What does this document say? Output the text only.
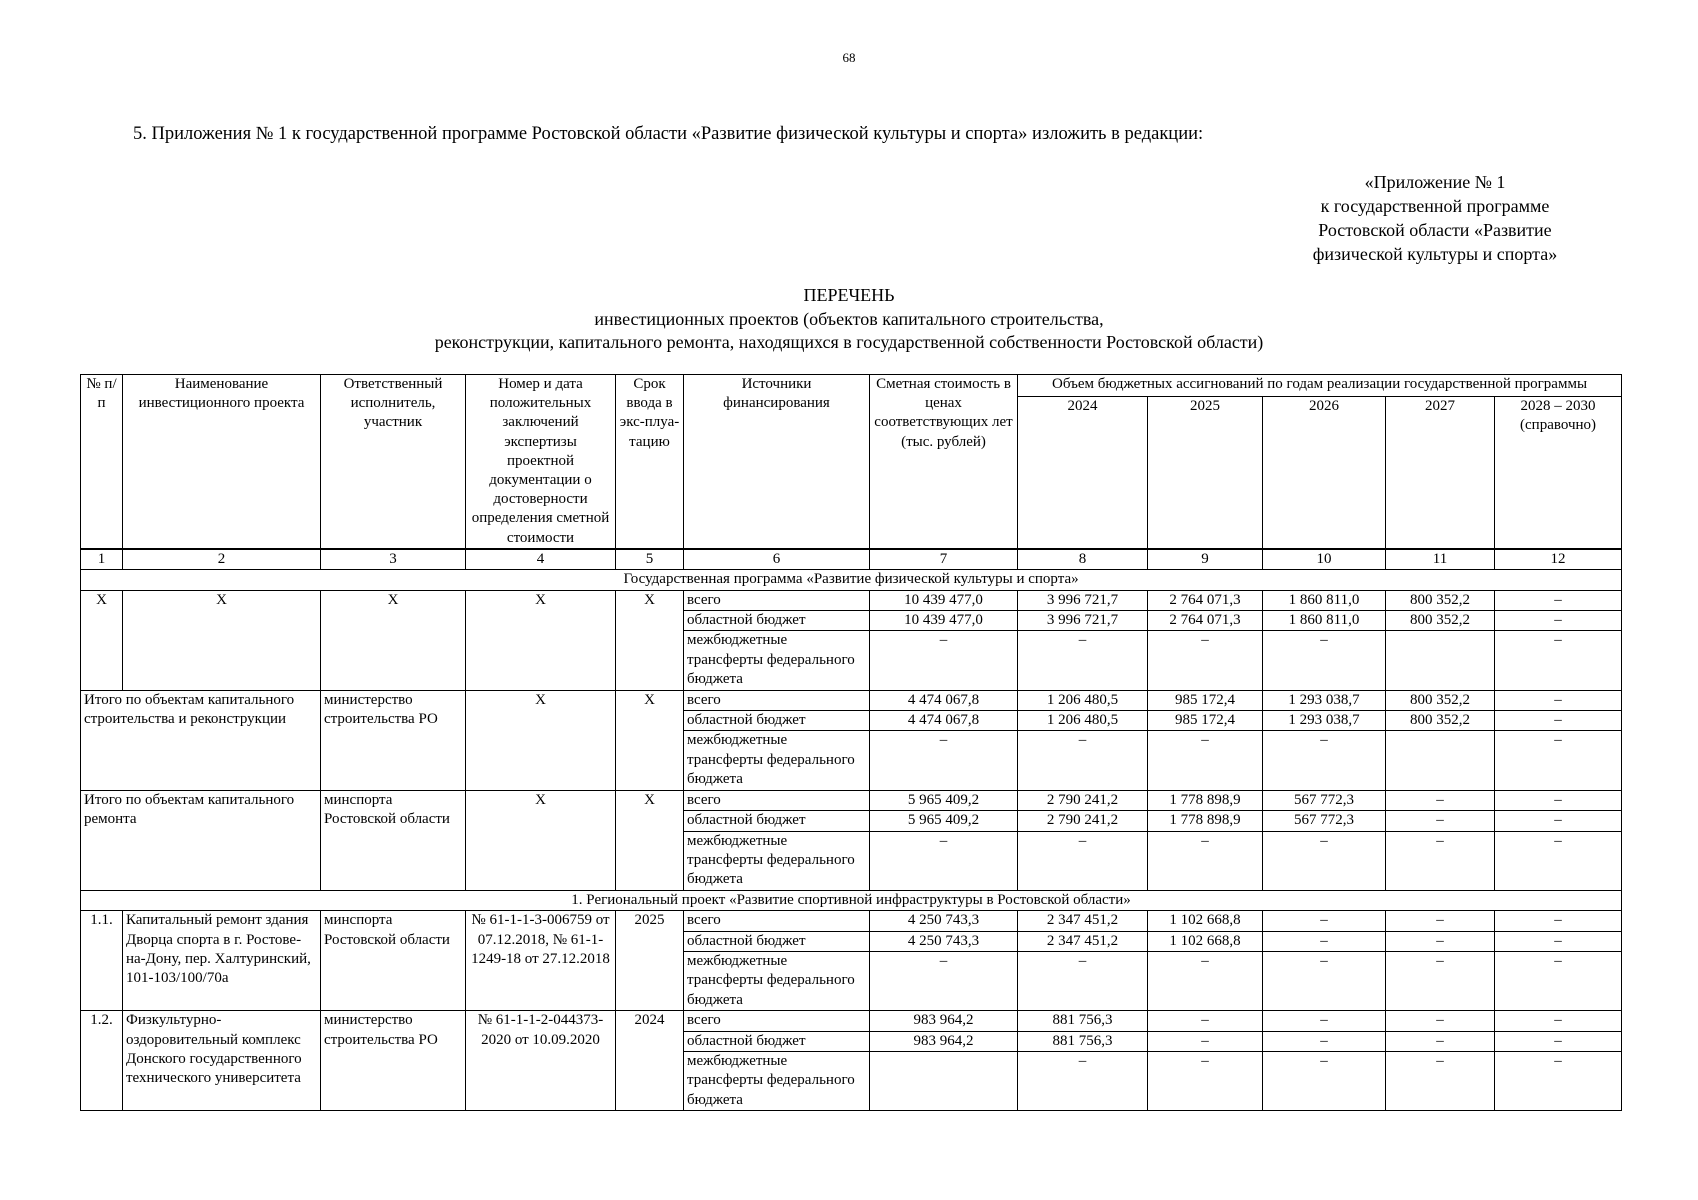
68
5. Приложения № 1 к государственной программе Ростовской области «Развитие физической культуры и спорта» изложить в редакции:
«Приложение № 1
к государственной программе
Ростовской области «Развитие
физической культуры и спорта»
ПЕРЕЧЕНЬ
инвестиционных проектов (объектов капитального строительства,
реконструкции, капитального ремонта, находящихся в государственной собственности Ростовской области)
№ п/п	Наименование инвестиционного проекта	Ответственный исполнитель, участник	Номер и дата положительных заключений экспертизы проектной документации о достоверности определения сметной стоимости	Срок ввода в экс-плуа-тацию	Источники финансирования	Сметная стоимость в ценах соответствующих лет (тыс. рублей)	Объем бюджетных ассигнований по годам реализации государственной программы				
							2024	2025	2026	2027	2028 – 2030 (справочно)
1	2	3	4	5	6	7	8	9	10	11	12
Государственная программа «Развитие физической культуры и спорта»											
X	X	X	X	X	всего	10 439 477,0	3 996 721,7	2 764 071,3	1 860 811,0	800 352,2	–
					областной бюджет	10 439 477,0	3 996 721,7	2 764 071,3	1 860 811,0	800 352,2	–
					межбюджетные трансферты федерального бюджета	–	–	–	–		–
Итого по объектам капитального строительства и реконструкции		министерство строительства РО	X	X	всего	4 474 067,8	1 206 480,5	985 172,4	1 293 038,7	800 352,2	–
					областной бюджет	4 474 067,8	1 206 480,5	985 172,4	1 293 038,7	800 352,2	–
					межбюджетные трансферты федерального бюджета	–	–	–	–		–
Итого по объектам капитального ремонта		минспорта Ростовской области	X	X	всего	5 965 409,2	2 790 241,2	1 778 898,9	567 772,3	–	–
					областной бюджет	5 965 409,2	2 790 241,2	1 778 898,9	567 772,3	–	–
					межбюджетные трансферты федерального бюджета	–	–	–	–	–	–
1. Региональный проект «Развитие спортивной инфраструктуры в Ростовской области»											
1.1.	Капитальный ремонт здания Дворца спорта в г. Ростове-на-Дону, пер. Халтуринский, 101-103/100/70а	минспорта Ростовской области	№ 61-1-1-3-006759 от 07.12.2018, № 61-1-1249-18 от 27.12.2018	2025	всего	4 250 743,3	2 347 451,2	1 102 668,8	–	–	–
					областной бюджет	4 250 743,3	2 347 451,2	1 102 668,8	–	–	–
					межбюджетные трансферты федерального бюджета	–	–	–	–	–	–
1.2.	Физкультурно-оздоровительный комплекс Донского государственного технического университета	министерство строительства РО	№ 61-1-1-2-044373-2020 от 10.09.2020	2024	всего	983 964,2	881 756,3	–	–	–	–
					областной бюджет	983 964,2	881 756,3	–	–	–	–
					межбюджетные трансферты федерального бюджета		–	–	–	–	–
